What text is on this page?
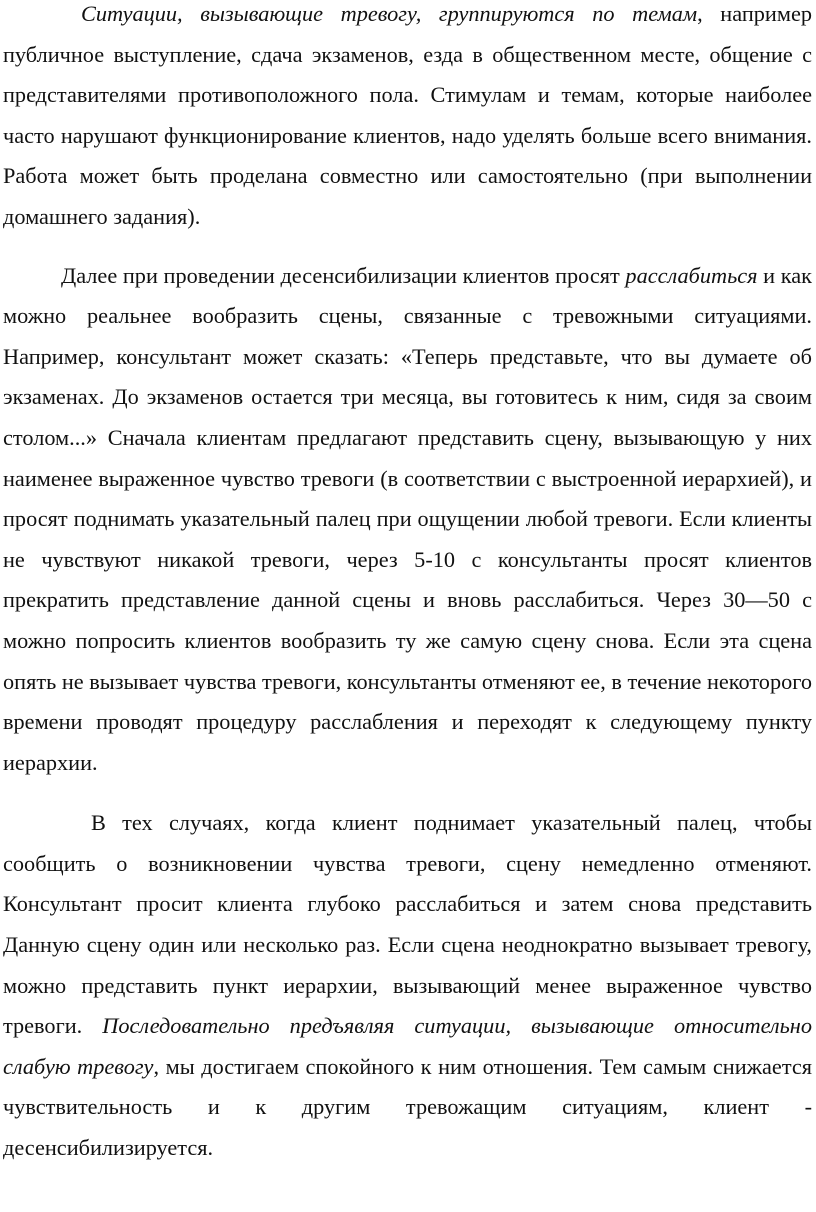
Ситуации, вызывающие тревогу, группируются по темам, например публичное выступление, сдача экзаменов, езда в общественном месте, общение с представителями противоположного пола. Стимулам и темам, которые наиболее часто нарушают функционирование клиентов, надо уделять больше всего внимания. Работа может быть проделана совместно или самостоятельно (при выполнении домашнего задания).

Далее при проведении десенсибилизации клиентов просят расслабиться и как можно реальнее вообразить сцены, связанные с тревожными ситуациями. Например, консультант может сказать: «Теперь представьте, что вы думаете об экзаменах. До экзаменов остается три месяца, вы готовитесь к ним, сидя за своим столом...» Сначала клиентам предлагают представить сцену, вызывающую у них наименее выраженное чувство тревоги (в соответствии с выстроенной иерархией), и просят поднимать указательный палец при ощущении любой тревоги. Если клиенты не чувствуют никакой тревоги, через 5-10 с консультанты просят клиентов прекратить представление данной сцены и вновь расслабиться. Через 30—50 с можно попросить клиентов вообразить ту же самую сцену снова. Если эта сцена опять не вызывает чувства тревоги, консультанты отменяют ее, в течение некоторого времени проводят процедуру расслабления и переходят к следующему пункту иерархии.

В тех случаях, когда клиент поднимает указательный палец, чтобы сообщить о возникновении чувства тревоги, сцену немедленно отменяют. Консультант просит клиента глубоко расслабиться и затем снова представить Данную сцену один или несколько раз. Если сцена неоднократно вызывает тревогу, можно представить пункт иерархии, вызывающий менее выраженное чувство тревоги. Последовательно предъявляя ситуации, вызывающие относительно слабую тревогу, мы достигаем спокойного к ним отношения. Тем самым снижается чувствительность и к другим тревожащим ситуациям, клиент - десенсибилизируется.
